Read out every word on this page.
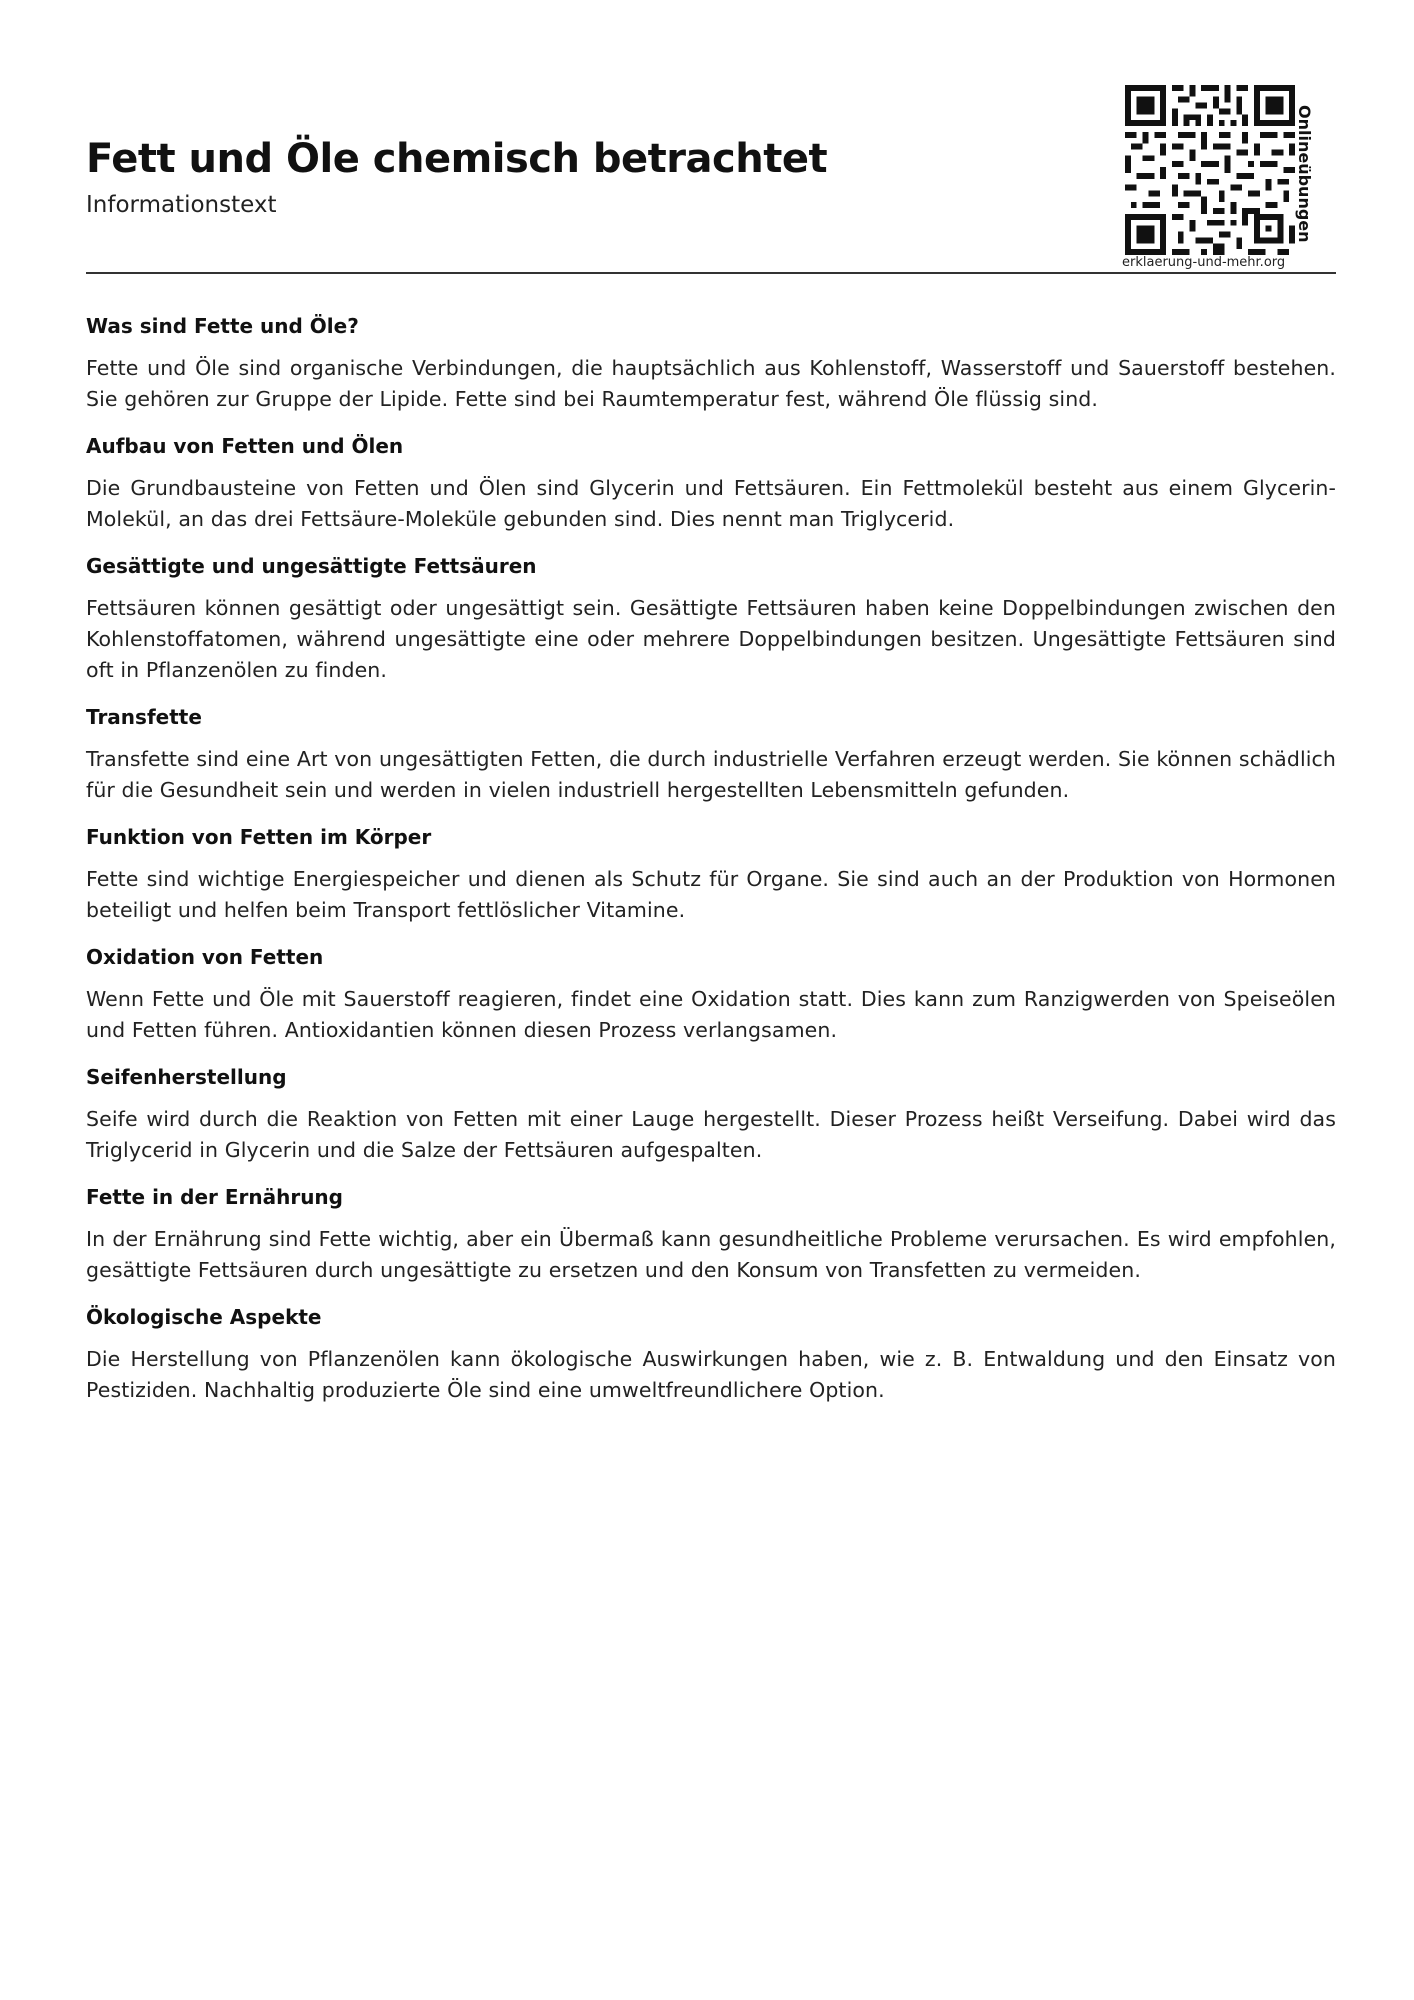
Fett und Öle chemisch betrachtet
Informationstext
erklaerung-und-mehr.org
Onlineübungen
Was sind Fette und Öle?

Fette und Öle sind organische Verbindungen, die hauptsächlich aus Kohlenstoff, Wasserstoff und Sauerstoff bestehen. Sie gehören zur Gruppe der Lipide. Fette sind bei Raumtemperatur fest, während Öle flüssig sind.

Aufbau von Fetten und Ölen

Die Grundbausteine von Fetten und Ölen sind Glycerin und Fettsäuren. Ein Fettmolekül besteht aus einem Glycerin-Molekül, an das drei Fettsäure-Moleküle gebunden sind. Dies nennt man Triglycerid.

Gesättigte und ungesättigte Fettsäuren

Fettsäuren können gesättigt oder ungesättigt sein. Gesättigte Fettsäuren haben keine Doppelbindungen zwischen den Kohlenstoffatomen, während ungesättigte eine oder mehrere Doppelbindungen besitzen. Ungesättigte Fettsäuren sind oft in Pflanzenölen zu finden.

Transfette

Transfette sind eine Art von ungesättigten Fetten, die durch industrielle Verfahren erzeugt werden. Sie können schädlich für die Gesundheit sein und werden in vielen industriell hergestellten Lebensmitteln gefunden.

Funktion von Fetten im Körper

Fette sind wichtige Energiespeicher und dienen als Schutz für Organe. Sie sind auch an der Produktion von Hormonen beteiligt und helfen beim Transport fettlöslicher Vitamine.

Oxidation von Fetten

Wenn Fette und Öle mit Sauerstoff reagieren, findet eine Oxidation statt. Dies kann zum Ranzigwerden von Speiseölen und Fetten führen. Antioxidantien können diesen Prozess verlangsamen.

Seifenherstellung

Seife wird durch die Reaktion von Fetten mit einer Lauge hergestellt. Dieser Prozess heißt Verseifung. Dabei wird das Triglycerid in Glycerin und die Salze der Fettsäuren aufgespalten.

Fette in der Ernährung

In der Ernährung sind Fette wichtig, aber ein Übermaß kann gesundheitliche Probleme verursachen. Es wird empfohlen, gesättigte Fettsäuren durch ungesättigte zu ersetzen und den Konsum von Transfetten zu vermeiden.

Ökologische Aspekte

Die Herstellung von Pflanzenölen kann ökologische Auswirkungen haben, wie z. B. Entwaldung und den Einsatz von Pestiziden. Nachhaltig produzierte Öle sind eine umweltfreundlichere Option.
